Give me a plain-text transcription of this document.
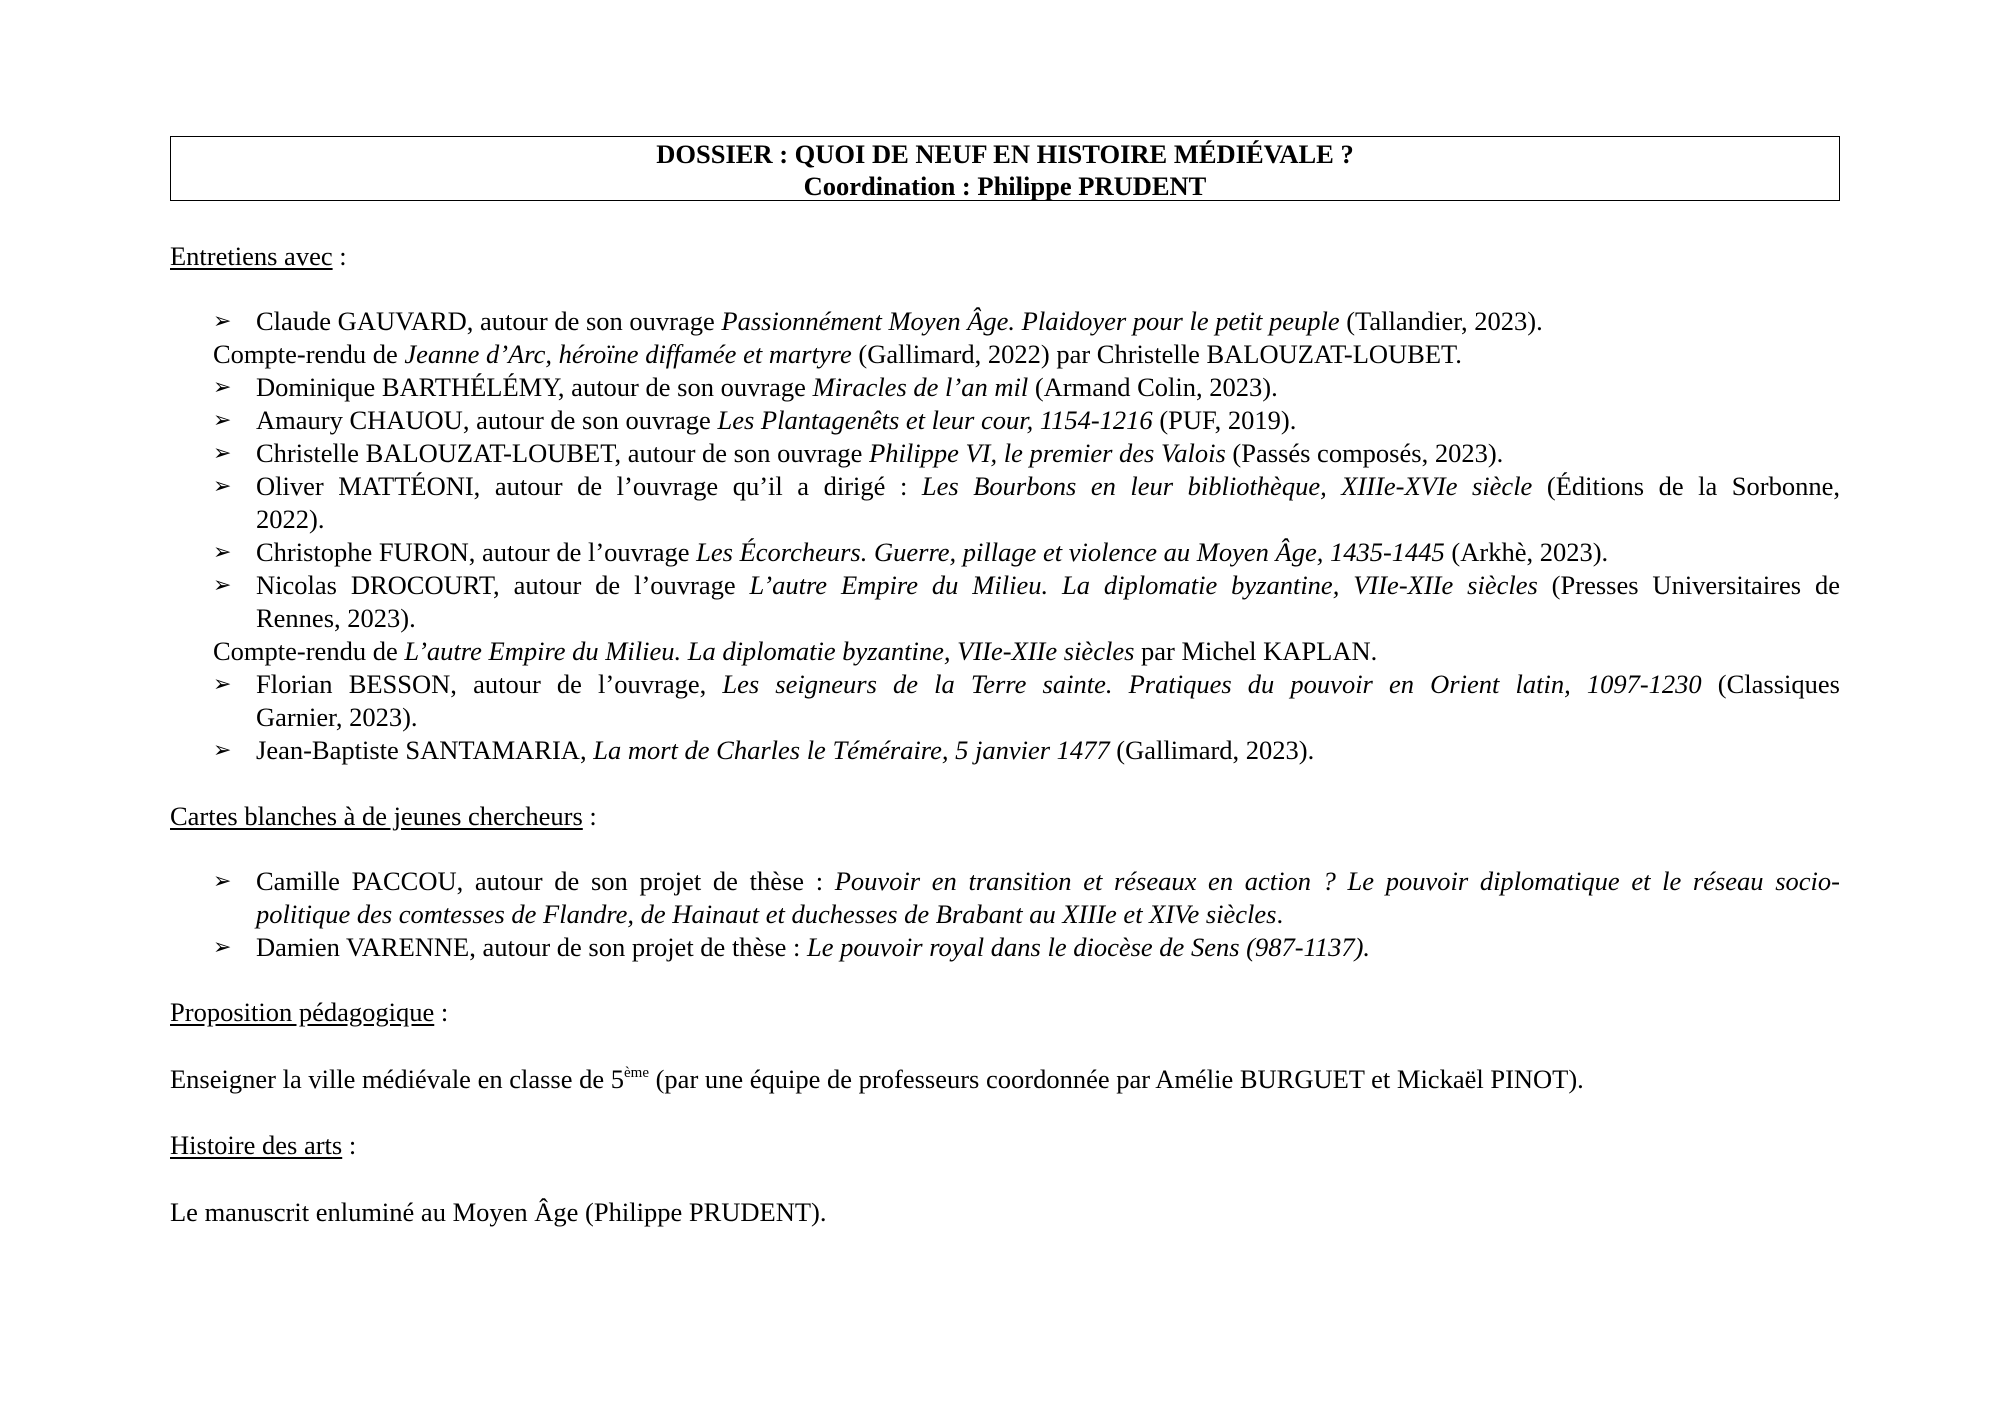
DOSSIER : QUOI DE NEUF EN HISTOIRE MÉDIÉVALE ?
Coordination : Philippe PRUDENT
Entretiens avec :
➢ Claude GAUVARD, autour de son ouvrage Passionnément Moyen Âge. Plaidoyer pour le petit peuple (Tallandier, 2023).
Compte-rendu de Jeanne d’Arc, héroïne diffamée et martyre (Gallimard, 2022) par Christelle BALOUZAT-LOUBET.
➢ Dominique BARTHÉLÉMY, autour de son ouvrage Miracles de l’an mil (Armand Colin, 2023).
➢ Amaury CHAUOU, autour de son ouvrage Les Plantagenêts et leur cour, 1154-1216 (PUF, 2019).
➢ Christelle BALOUZAT-LOUBET, autour de son ouvrage Philippe VI, le premier des Valois (Passés composés, 2023).
➢ Oliver MATTÉONI, autour de l’ouvrage qu’il a dirigé : Les Bourbons en leur bibliothèque, XIIIe-XVIe siècle (Éditions de la Sorbonne,
2022).
➢ Christophe FURON, autour de l’ouvrage Les Écorcheurs. Guerre, pillage et violence au Moyen Âge, 1435-1445 (Arkhè, 2023).
➢ Nicolas DROCOURT, autour de l’ouvrage L’autre Empire du Milieu. La diplomatie byzantine, VIIe-XIIe siècles (Presses Universitaires de
Rennes, 2023).
Compte-rendu de L’autre Empire du Milieu. La diplomatie byzantine, VIIe-XIIe siècles par Michel KAPLAN.
➢ Florian BESSON, autour de l’ouvrage, Les seigneurs de la Terre sainte. Pratiques du pouvoir en Orient latin, 1097-1230 (Classiques
Garnier, 2023).
➢ Jean-Baptiste SANTAMARIA, La mort de Charles le Téméraire, 5 janvier 1477 (Gallimard, 2023).
Cartes blanches à de jeunes chercheurs :
➢ Camille PACCOU, autour de son projet de thèse : Pouvoir en transition et réseaux en action ? Le pouvoir diplomatique et le réseau socio-
politique des comtesses de Flandre, de Hainaut et duchesses de Brabant au XIIIe et XIVe siècles.
➢ Damien VARENNE, autour de son projet de thèse : Le pouvoir royal dans le diocèse de Sens (987-1137).
Proposition pédagogique :
Enseigner la ville médiévale en classe de 5ème (par une équipe de professeurs coordonnée par Amélie BURGUET et Mickaël PINOT).
Histoire des arts :
Le manuscrit enluminé au Moyen Âge (Philippe PRUDENT).
